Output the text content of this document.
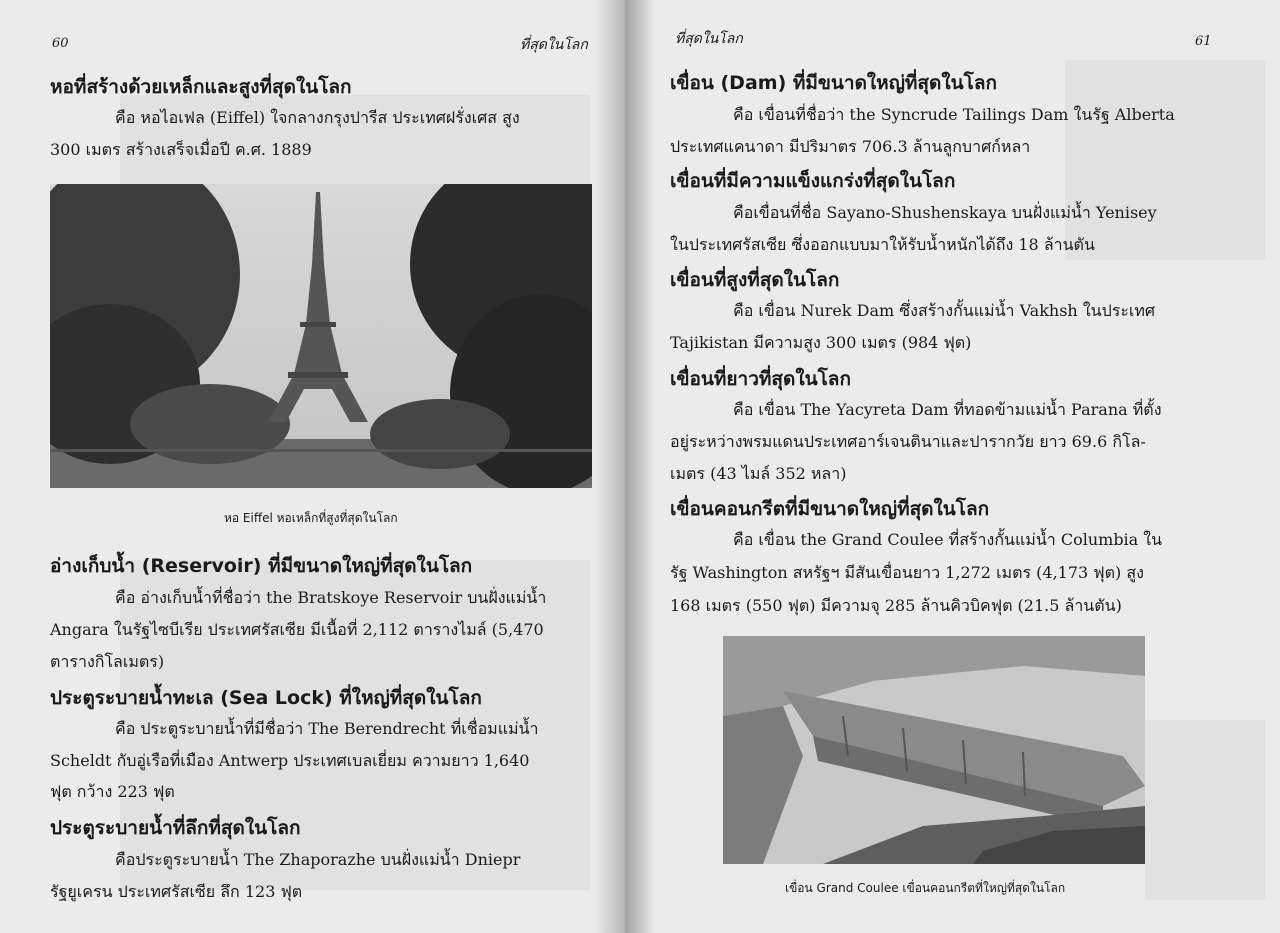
60	ที่สุดในโลก
หอที่สร้างด้วยเหล็กและสูงที่สุดในโลก
คือ หอไอเฟล (Eiffel) ใจกลางกรุงปารีส ประเทศฝรั่งเศส สูง
300 เมตร สร้างเสร็จเมื่อปี ค.ศ. 1889
หอ Eiffel หอเหล็กที่สูงที่สุดในโลก
อ่างเก็บน้ำ (Reservoir) ที่มีขนาดใหญ่ที่สุดในโลก
คือ อ่างเก็บน้ำที่ชื่อว่า the Bratskoye Reservoir บนฝั่งแม่น้ำ
Angara ในรัฐไซบีเรีย ประเทศรัสเซีย มีเนื้อที่ 2,112 ตารางไมล์ (5,470
ตารางกิโลเมตร)
ประตูระบายน้ำทะเล (Sea Lock) ที่ใหญ่ที่สุดในโลก
คือ ประตูระบายน้ำที่มีชื่อว่า The Berendrecht ที่เชื่อมแม่น้ำ
Scheldt กับอู่เรือที่เมือง Antwerp ประเทศเบลเยี่ยม ความยาว 1,640
ฟุต กว้าง 223 ฟุต
ประตูระบายน้ำที่ลึกที่สุดในโลก
คือประตูระบายน้ำ The Zhaporazhe บนฝั่งแม่น้ำ Dniepr
รัฐยูเครน ประเทศรัสเซีย ลึก 123 ฟุต
ที่สุดในโลก	61
เขื่อน (Dam) ที่มีขนาดใหญ่ที่สุดในโลก
คือ เขื่อนที่ชื่อว่า the Syncrude Tailings Dam ในรัฐ Alberta
ประเทศแคนาดา มีปริมาตร 706.3 ล้านลูกบาศก์หลา
เขื่อนที่มีความแข็งแกร่งที่สุดในโลก
คือเขื่อนที่ชื่อ Sayano-Shushenskaya บนฝั่งแม่น้ำ Yenisey
ในประเทศรัสเซีย ซึ่งออกแบบมาให้รับน้ำหนักได้ถึง 18 ล้านตัน
เขื่อนที่สูงที่สุดในโลก
คือ เขื่อน Nurek Dam ซึ่งสร้างกั้นแม่น้ำ Vakhsh ในประเทศ
Tajikistan มีความสูง 300 เมตร (984 ฟุต)
เขื่อนที่ยาวที่สุดในโลก
คือ เขื่อน The Yacyreta Dam ที่ทอดข้ามแม่น้ำ Parana ที่ตั้ง
อยู่ระหว่างพรมแดนประเทศอาร์เจนตินาและปารากวัย ยาว 69.6 กิโล-
เมตร (43 ไมล์ 352 หลา)
เขื่อนคอนกรีตที่มีขนาดใหญ่ที่สุดในโลก
คือ เขื่อน the Grand Coulee ที่สร้างกั้นแม่น้ำ Columbia ใน
รัฐ Washington สหรัฐฯ มีสันเขื่อนยาว 1,272 เมตร (4,173 ฟุต) สูง
168 เมตร (550 ฟุต) มีความจุ 285 ล้านคิวบิคฟุต (21.5 ล้านตัน)
เขื่อน Grand Coulee เขื่อนคอนกรีตที่ใหญ่ที่สุดในโลก
